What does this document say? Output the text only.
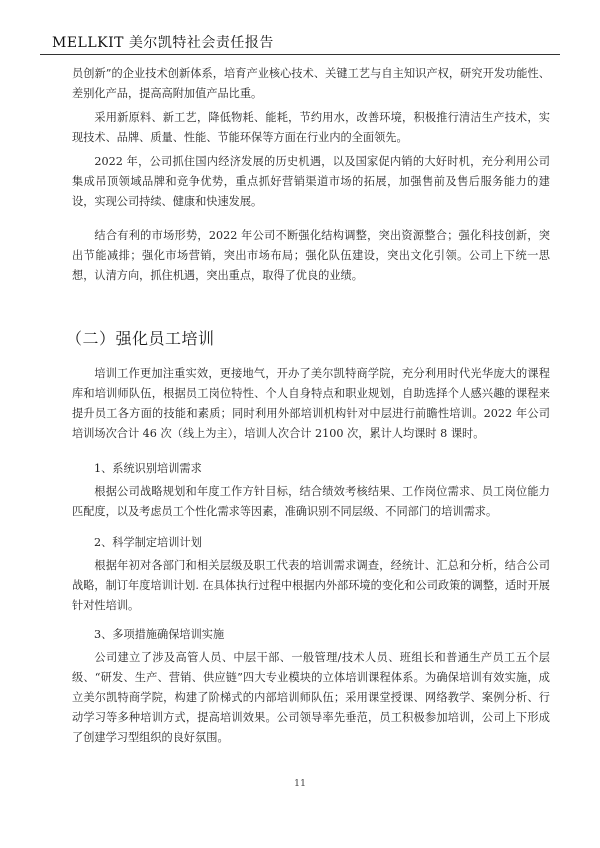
MELLKIT 美尔凯特社会责任报告
员创新”的企业技术创新体系，培育产业核心技术、关键工艺与自主知识产权，研究开发功能性、差别化产品，提高高附加值产品比重。
采用新原料、新工艺，降低物耗、能耗，节约用水，改善环境，积极推行清洁生产技术，实现技术、品牌、质量、性能、节能环保等方面在行业内的全面领先。
2022 年，公司抓住国内经济发展的历史机遇，以及国家促内销的大好时机，充分利用公司集成吊顶领域品牌和竞争优势，重点抓好营销渠道市场的拓展，加强售前及售后服务能力的建设，实现公司持续、健康和快速发展。
结合有利的市场形势，2022 年公司不断强化结构调整，突出资源整合；强化科技创新，突出节能减排；强化市场营销，突出市场布局；强化队伍建设，突出文化引领。公司上下统一思想，认清方向，抓住机遇，突出重点，取得了优良的业绩。
（二）强化员工培训
培训工作更加注重实效，更接地气，开办了美尔凯特商学院，充分利用时代光华庞大的课程库和培训师队伍，根据员工岗位特性、个人自身特点和职业规划，自助选择个人感兴趣的课程来提升员工各方面的技能和素质；同时利用外部培训机构针对中层进行前瞻性培训。2022 年公司培训场次合计 46 次（线上为主），培训人次合计 2100 次，累计人均课时 8 课时。
1、系统识别培训需求
根据公司战略规划和年度工作方针目标，结合绩效考核结果、工作岗位需求、员工岗位能力匹配度，以及考虑员工个性化需求等因素，准确识别不同层级、不同部门的培训需求。
2、科学制定培训计划
根据年初对各部门和相关层级及职工代表的培训需求调查，经统计、汇总和分析，结合公司战略，制订年度培训计划. 在具体执行过程中根据内外部环境的变化和公司政策的调整，适时开展针对性培训。
3、多项措施确保培训实施
公司建立了涉及高管人员、中层干部、一般管理/技术人员、班组长和普通生产员工五个层级、“研发、生产、营销、供应链”四大专业模块的立体培训课程体系。为确保培训有效实施，成立美尔凯特商学院，构建了阶梯式的内部培训师队伍；采用课堂授课、网络教学、案例分析、行动学习等多种培训方式，提高培训效果。公司领导率先垂范，员工积极参加培训，公司上下形成了创建学习型组织的良好氛围。
11
